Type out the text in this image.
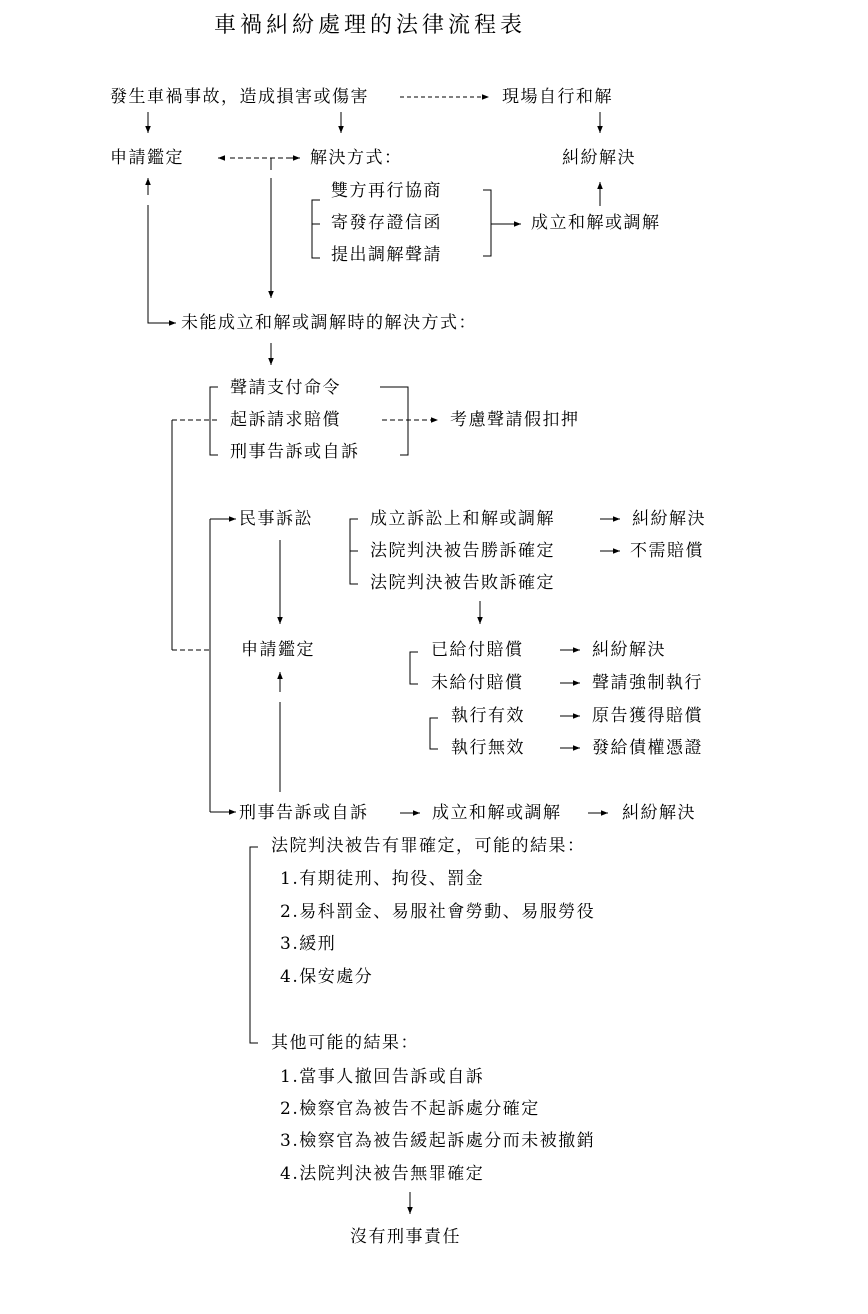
車禍糾紛處理的法律流程表
發生車禍事故，造成損害或傷害	現場自行和解
申請鑑定	解決方式：	糾紛解決
雙方再行協商
寄發存證信函
提出調解聲請
成立和解或調解
未能成立和解或調解時的解決方式：
聲請支付命令
起訴請求賠償
刑事告訴或自訴
考慮聲請假扣押
民事訴訟	成立訴訟上和解或調解	糾紛解決
法院判決被告勝訴確定	不需賠償
法院判決被告敗訴確定
申請鑑定	已給付賠償	糾紛解決
未給付賠償	聲請強制執行
執行有效	原告獲得賠償
執行無效	發給債權憑證
刑事告訴或自訴	成立和解或調解	糾紛解決
法院判決被告有罪確定，可能的結果：
1.有期徒刑、拘役、罰金
2.易科罰金、易服社會勞動、易服勞役
3.緩刑
4.保安處分
其他可能的結果：
1.當事人撤回告訴或自訴
2.檢察官為被告不起訴處分確定
3.檢察官為被告緩起訴處分而未被撤銷
4.法院判決被告無罪確定
沒有刑事責任
